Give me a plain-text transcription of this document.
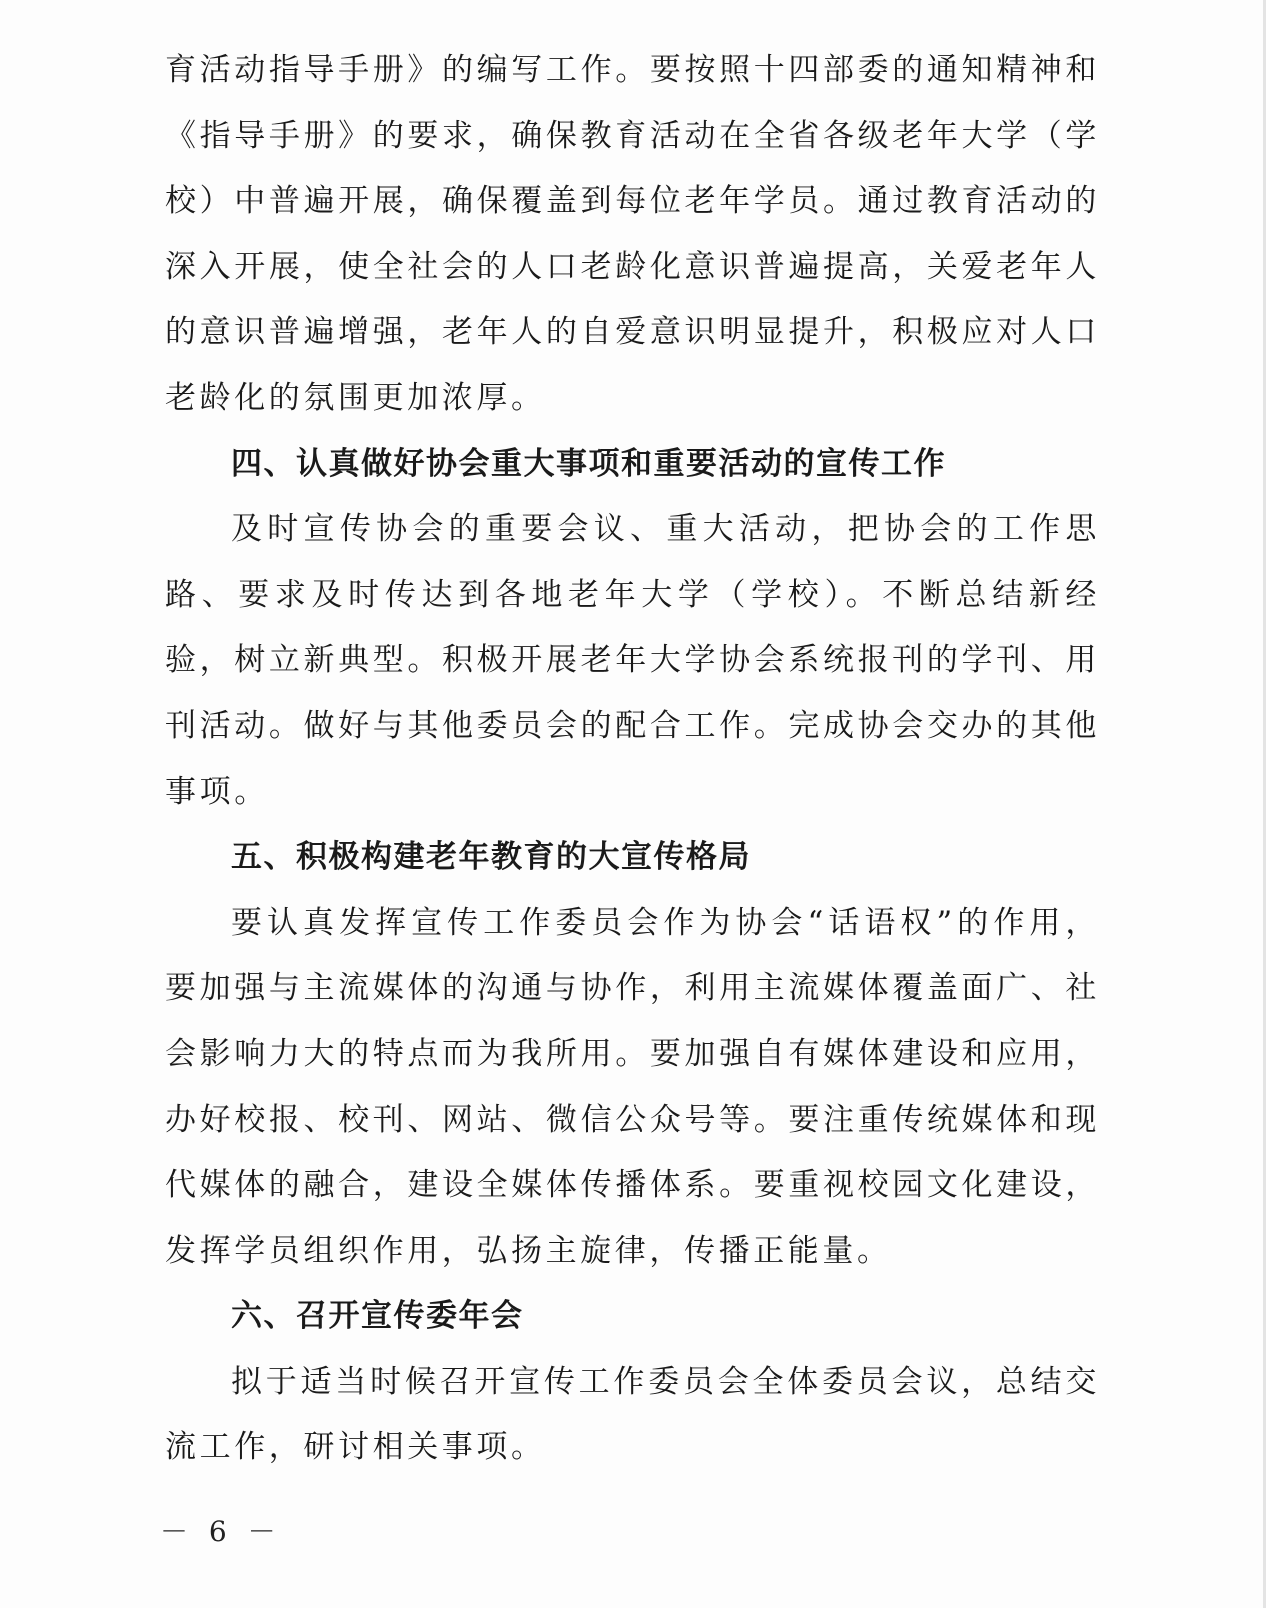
育活动指导手册》的编写工作。要按照十四部委的通知精神和《指导手册》的要求，确保教育活动在全省各级老年大学（学校）中普遍开展，确保覆盖到每位老年学员。通过教育活动的深入开展，使全社会的人口老龄化意识普遍提高，关爱老年人的意识普遍增强，老年人的自爱意识明显提升，积极应对人口老龄化的氛围更加浓厚。

四、认真做好协会重大事项和重要活动的宣传工作

及时宣传协会的重要会议、重大活动，把协会的工作思路、要求及时传达到各地老年大学（学校）。不断总结新经验，树立新典型。积极开展老年大学协会系统报刊的学刊、用刊活动。做好与其他委员会的配合工作。完成协会交办的其他事项。

五、积极构建老年教育的大宣传格局

要认真发挥宣传工作委员会作为协会“话语权”的作用，要加强与主流媒体的沟通与协作，利用主流媒体覆盖面广、社会影响力大的特点而为我所用。要加强自有媒体建设和应用，办好校报、校刊、网站、微信公众号等。要注重传统媒体和现代媒体的融合，建设全媒体传播体系。要重视校园文化建设，发挥学员组织作用，弘扬主旋律，传播正能量。

六、召开宣传委年会

拟于适当时候召开宣传工作委员会全体委员会议，总结交流工作，研讨相关事项。

－ 6 －
